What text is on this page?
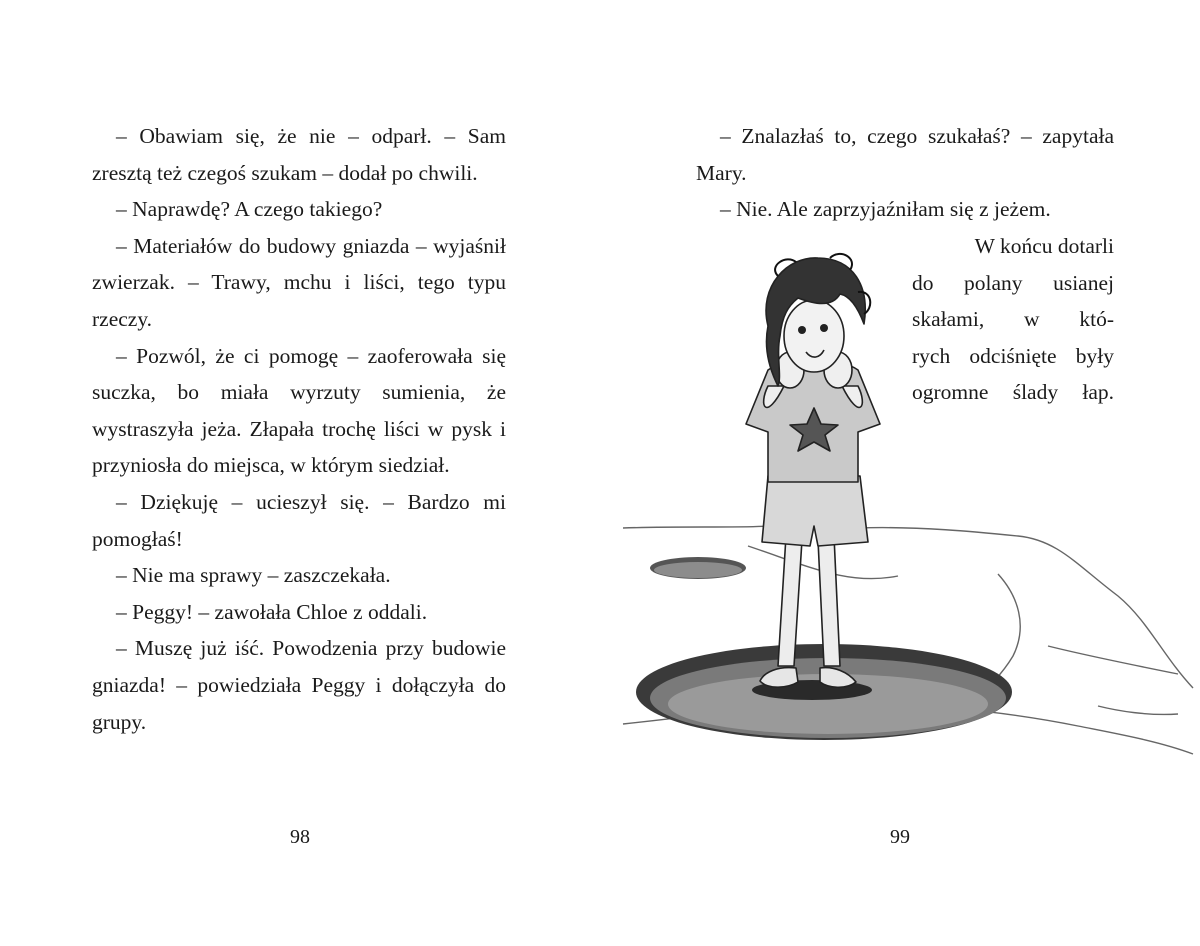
– Obawiam się, że nie – odparł. – Sam zresztą też czegoś szukam – dodał po chwili.

– Naprawdę? A czego takiego?

– Materiałów do budowy gniazda – wyjaśnił zwierzak. – Trawy, mchu i liści, tego typu rzeczy.

– Pozwól, że ci pomogę – zaoferowała się suczka, bo miała wyrzuty sumienia, że wystraszyła jeża. Złapała trochę liści w pysk i przyniosła do miejsca, w którym siedział.

– Dziękuję – ucieszył się. – Bardzo mi pomogłaś!

– Nie ma sprawy – zaszczekała.

– Peggy! – zawołała Chloe z oddali.

– Muszę już iść. Powodzenia przy budowie gniazda! – powiedziała Peggy i dołączyła do grupy.

98

– Znalazłaś to, czego szukałaś? – zapytała Mary.

– Nie. Ale zaprzyjaźniłam się z jeżem.

W końcu dotarli
do polany usianej
skałami, w któ-
rych odciśnięte były
ogromne ślady łap.
99
